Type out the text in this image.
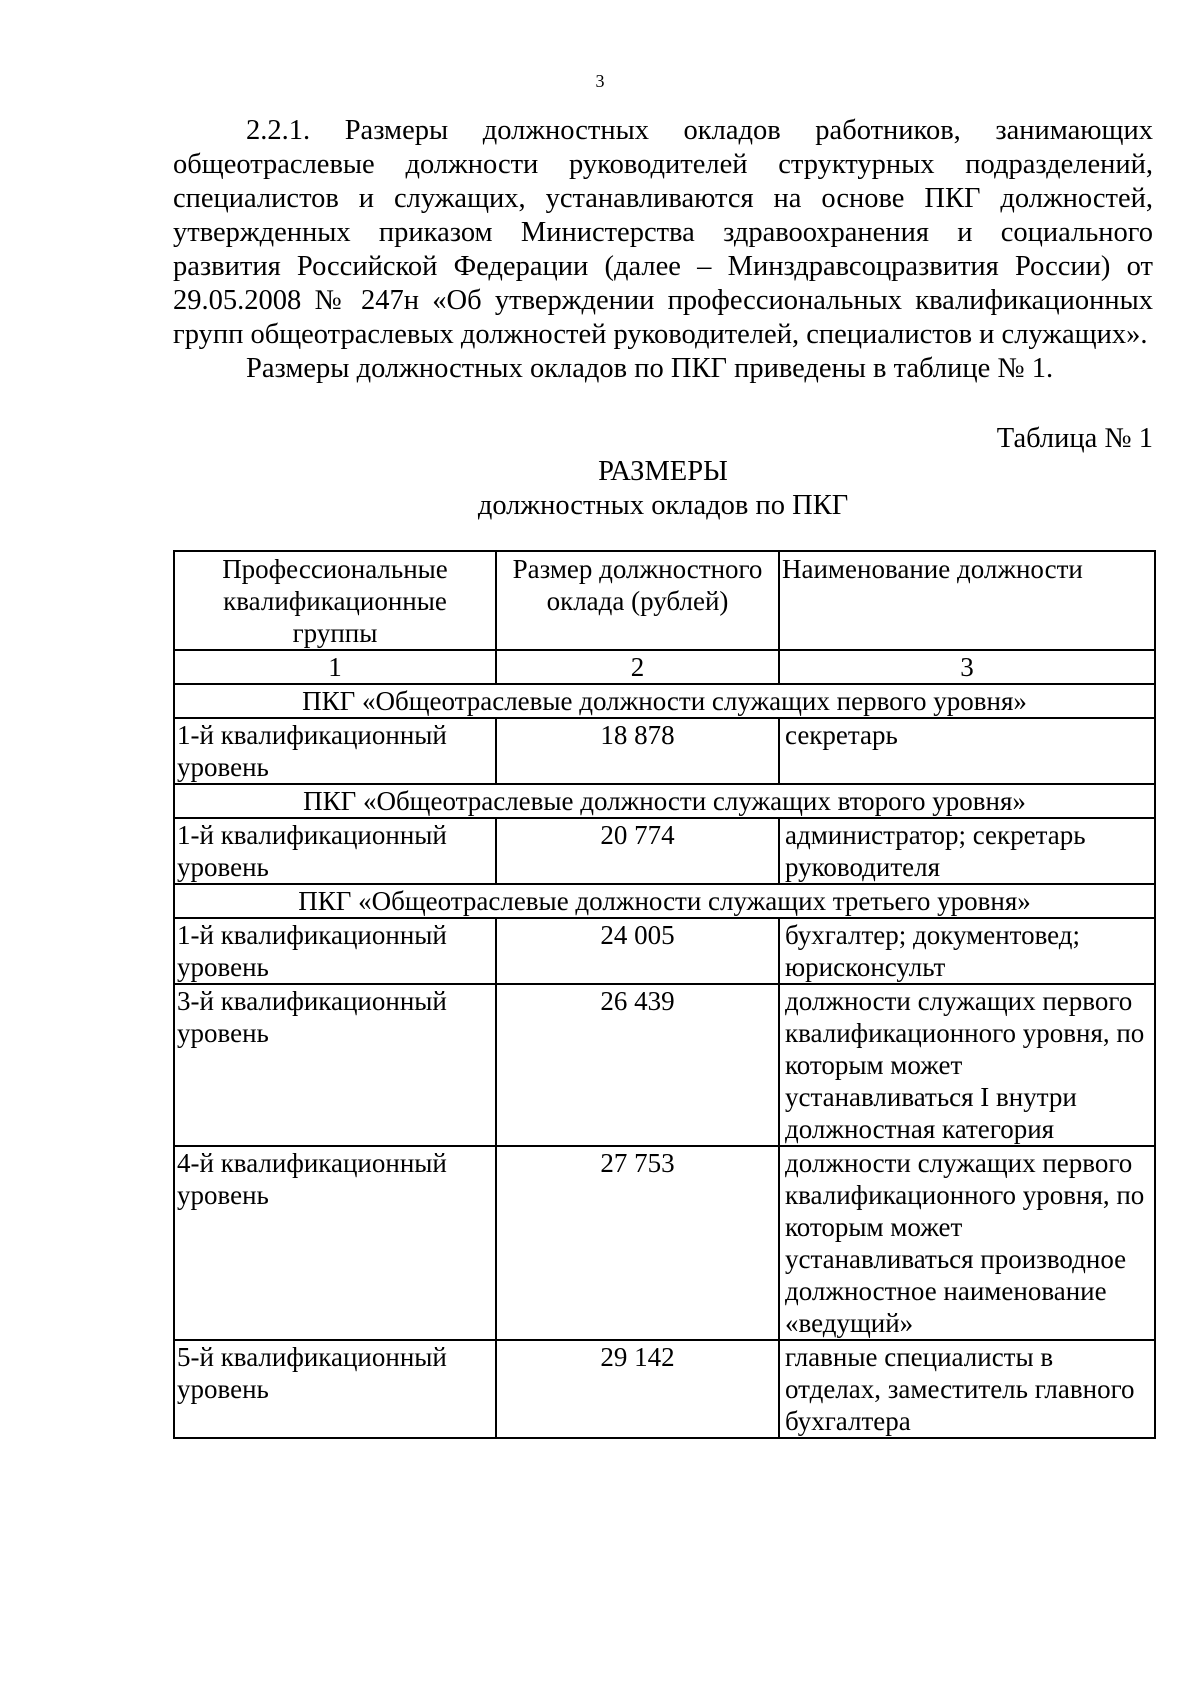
3

2.2.1. Размеры должностных окладов работников, занимающих общеотраслевые должности руководителей структурных подразделений, специалистов и служащих, устанавливаются на основе ПКГ должностей, утвержденных приказом Министерства здравоохранения и социального развития Российской Федерации (далее – Минздравсоцразвития России) от 29.05.2008 № 247н «Об утверждении профессиональных квалификационных групп общеотраслевых должностей руководителей, специалистов и служащих».

Размеры должностных окладов по ПКГ приведены в таблице № 1.

Таблица № 1
РАЗМЕРЫ
должностных окладов по ПКГ
Профессиональные квалификационные группы	Размер должностного оклада (рублей)	Наименование должности
1	2	3
ПКГ «Общеотраслевые должности служащих первого уровня»		
1-й квалификационный уровень	18 878	секретарь
ПКГ «Общеотраслевые должности служащих второго уровня»		
1-й квалификационный уровень	20 774	администратор; секретарь руководителя
ПКГ «Общеотраслевые должности служащих третьего уровня»		
1-й квалификационный уровень	24 005	бухгалтер; документовед; юрисконсульт
3-й квалификационный уровень	26 439	должности служащих первого квалификационного уровня, по которым может устанавливаться I внутри должностная категория
4-й квалификационный уровень	27 753	должности служащих первого квалификационного уровня, по которым может устанавливаться производное должностное наименование «ведущий»
5-й квалификационный уровень	29 142	главные специалисты в отделах, заместитель главного бухгалтера
